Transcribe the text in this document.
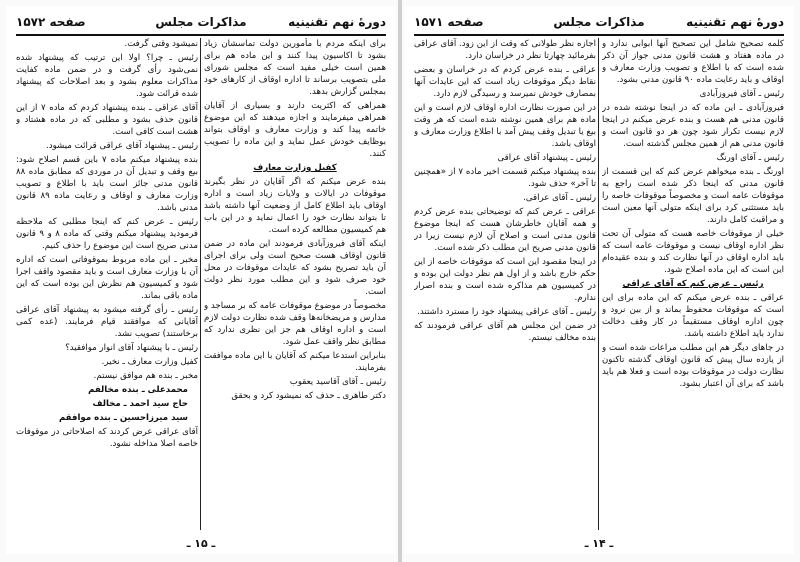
دورهٔ نهم تقنینیه
مذاکرات مجلس
صفحه ۱۵۷۲

برای اینکه مردم با مأمورین دولت تماسشان زیاد بشود تا اکاسیون پیدا کنند و این ماده هم برای همین است خیلی مفید است که مجلس شورای ملی بتصویب برساند تا اداره اوقاف از کارهای خود بمجلس گزارش بدهد.

همراهی که اکثریت دارند و بسیاری از آقایان همراهی میفرمایند و اجازه میدهند که این موضوع خاتمه پیدا کند و وزارت معارف و اوقاف بتواند بوظایف خودش عمل نماید و این ماده را تصویب کنند.

کفیل وزارت معارف

بنده عرض میکنم که اگر آقایان در نظر بگیرند موقوفات در ایالات و ولایات زیاد است و اداره اوقاف باید اطلاع کامل از وضعیت آنها داشته باشد تا بتواند نظارت خود را اعمال نماید و در این باب هم کمیسیون مطالعه کرده است.

اینکه آقای فیروزآبادی فرمودند این ماده در ضمن قانون اوقاف هست صحیح است ولی برای اجرای آن باید تصریح بشود که عایدات موقوفات در محل خود صرف شود و این مطلب مورد نظر دولت است.

مخصوصاً در موضوع موقوفات عامه که بر مساجد و مدارس و مریضخانه‌ها وقف شده نظارت دولت لازم است و اداره اوقاف هم جز این نظری ندارد که مطابق نظر واقف عمل شود.

بنابراین استدعا میکنم که آقایان با این ماده موافقت بفرمایند.

رئیس ـ آقای آقاسید یعقوب

دکتر طاهری ـ حذف که نمیشود کرد و بحقق

نمیشود وقتی گرفت.

رئیس ـ چرا؟ اولا این ترتیب که پیشنهاد شده نمی‌شود رأی گرفت و در ضمن ماده کفایت مذاکرات معلوم بشود و بعد اصلاحات که پیشنهاد شده قرائت شود.

آقای عراقی ـ بنده پیشنهاد کردم که ماده ۷ از این قانون حذف بشود و مطلبی که در ماده هشتاد و هشت است کافی است.

رئیس ـ پیشنهاد آقای عراقی قرائت میشود.

بنده پیشنهاد میکنم ماده ۷ باین قسم اصلاح شود: بیع وقف و تبدیل آن در موردی که مطابق ماده ۸۸ قانون مدنی جائز است باید با اطلاع و تصویب وزارت معارف و اوقاف و رعایت ماده ۸۹ قانون مدنی باشد.

رئیس ـ عرض کنم که اینجا مطلبی که ملاحظه فرمودید پیشنهاد میکنم وقتی که ماده ۸ و ۹ قانون مدنی صریح است این موضوع را حذف کنیم.

مخبر ـ این ماده مربوط بموقوفاتی است که اداره آن با وزارت معارف است و باید مقصود واقف اجرا شود و کمیسیون هم نظرش این بوده است که این ماده باقی بماند.

رئیس ـ رأی گرفته میشود به پیشنهاد آقای عراقی آقایانی که موافقند قیام فرمایند. (عده کمی برخاستند) تصویب نشد.

رئیس ـ با پیشنهاد آقای انوار موافقید؟

کفیل وزارت معارف ـ نخیر.

مخبر ـ بنده هم موافق نیستم.

محمدعلی ـ بنده مخالفم

حاج سید احمد ـ مخالف

سید میرزاحسین ـ بنده موافقم

آقای عراقی عرض کردند که اصلاحاتی در موقوفات خاصه اصلا مداخله نشود.

ـ ۱۵ ـ
دورهٔ نهم تقنینیه
مذاکرات مجلس
صفحه ۱۵۷۱

کلمه تصحیح شامل این تصحیح آنها ابوابی ندارد و در ماده هفتاد و هشت قانون مدنی جواز آن ذکر شده است که با اطلاع و تصویب وزارت معارف و اوقاف و باید رعایت ماده ۹۰ قانون مدنی بشود.

رئیس ـ آقای فیروزآبادی

فیروزآبادی ـ این ماده که در اینجا نوشته شده در قانون مدنی هم هست و بنده عرض میکنم در اینجا لازم نیست تکرار شود چون هر دو قانون است و قانون مدنی هم از همین مجلس گذشته است.

رئیس ـ آقای اورنگ

اورنگ ـ بنده میخواهم عرض کنم که این قسمت از قانون مدنی که اینجا ذکر شده است راجع به موقوفات عامه است و مخصوصاً موقوفات خاصه را باید مستثنی کرد برای اینکه متولی آنها معین است و مراقبت کامل دارند.

خیلی از موقوفات خاصه هست که متولی آن تحت نظر اداره اوقاف نیست و موقوفات عامه است که باید اداره اوقاف در آنها نظارت کند و بنده عقیده‌ام این است که این ماده اصلاح شود.

رئیس ـ عرض کنم که آقای عراقی

عراقی ـ بنده عرض میکنم که این ماده برای این است که موقوفات محفوظ بماند و از بین نرود و چون اداره اوقاف مستقیماً در کار وقف دخالت ندارد باید اطلاع داشته باشد.

در جاهای دیگر هم این مطلب مراعات شده است و از یازده سال پیش که قانون اوقاف گذشته تاکنون نظارت دولت در موقوفات بوده است و فعلا هم باید باشد که برای آن اعتبار بشود.

اجازه نظر طولانی که وقت از این زود. آقای عراقی بفرمائید چهارتا نظر در خراسان دارد.

عراقی ـ بنده عرض کردم که در خراسان و بعضی نقاط دیگر موقوفات زیاد است که این عایدات آنها بمصارف خودش نمیرسد و رسیدگی لازم دارد.

در این صورت نظارت اداره اوقاف لازم است و این ماده هم برای همین نوشته شده است که هر وقت بیع یا تبدیل وقف پیش آمد با اطلاع وزارت معارف و اوقاف باشد.

رئیس ـ پیشنهاد آقای عراقی

بنده پیشنهاد میکنم قسمت اخیر ماده ۷ از «همچنین تا آخر» حذف شود.

رئیس ـ آقای عراقی.

عراقی ـ عرض کنم که توضیحاتی بنده عرض کردم و همه آقایان خاطرشان هست که اینجا موضوع قانون مدنی است و اصلاح آن لازم نیست زیرا در قانون مدنی صریح این مطلب ذکر شده است.

در اینجا مقصود این است که موقوفات خاصه از این حکم خارج باشد و از اول هم نظر دولت این بوده و در کمیسیون هم مذاکره شده است و بنده اصرار ندارم.

رئیس ـ آقای عراقی پیشنهاد خود را مسترد داشتند.

در ضمن این مجلس هم آقای عراقی فرمودند که بنده مخالف نیستم.

ـ ۱۴ ـ
